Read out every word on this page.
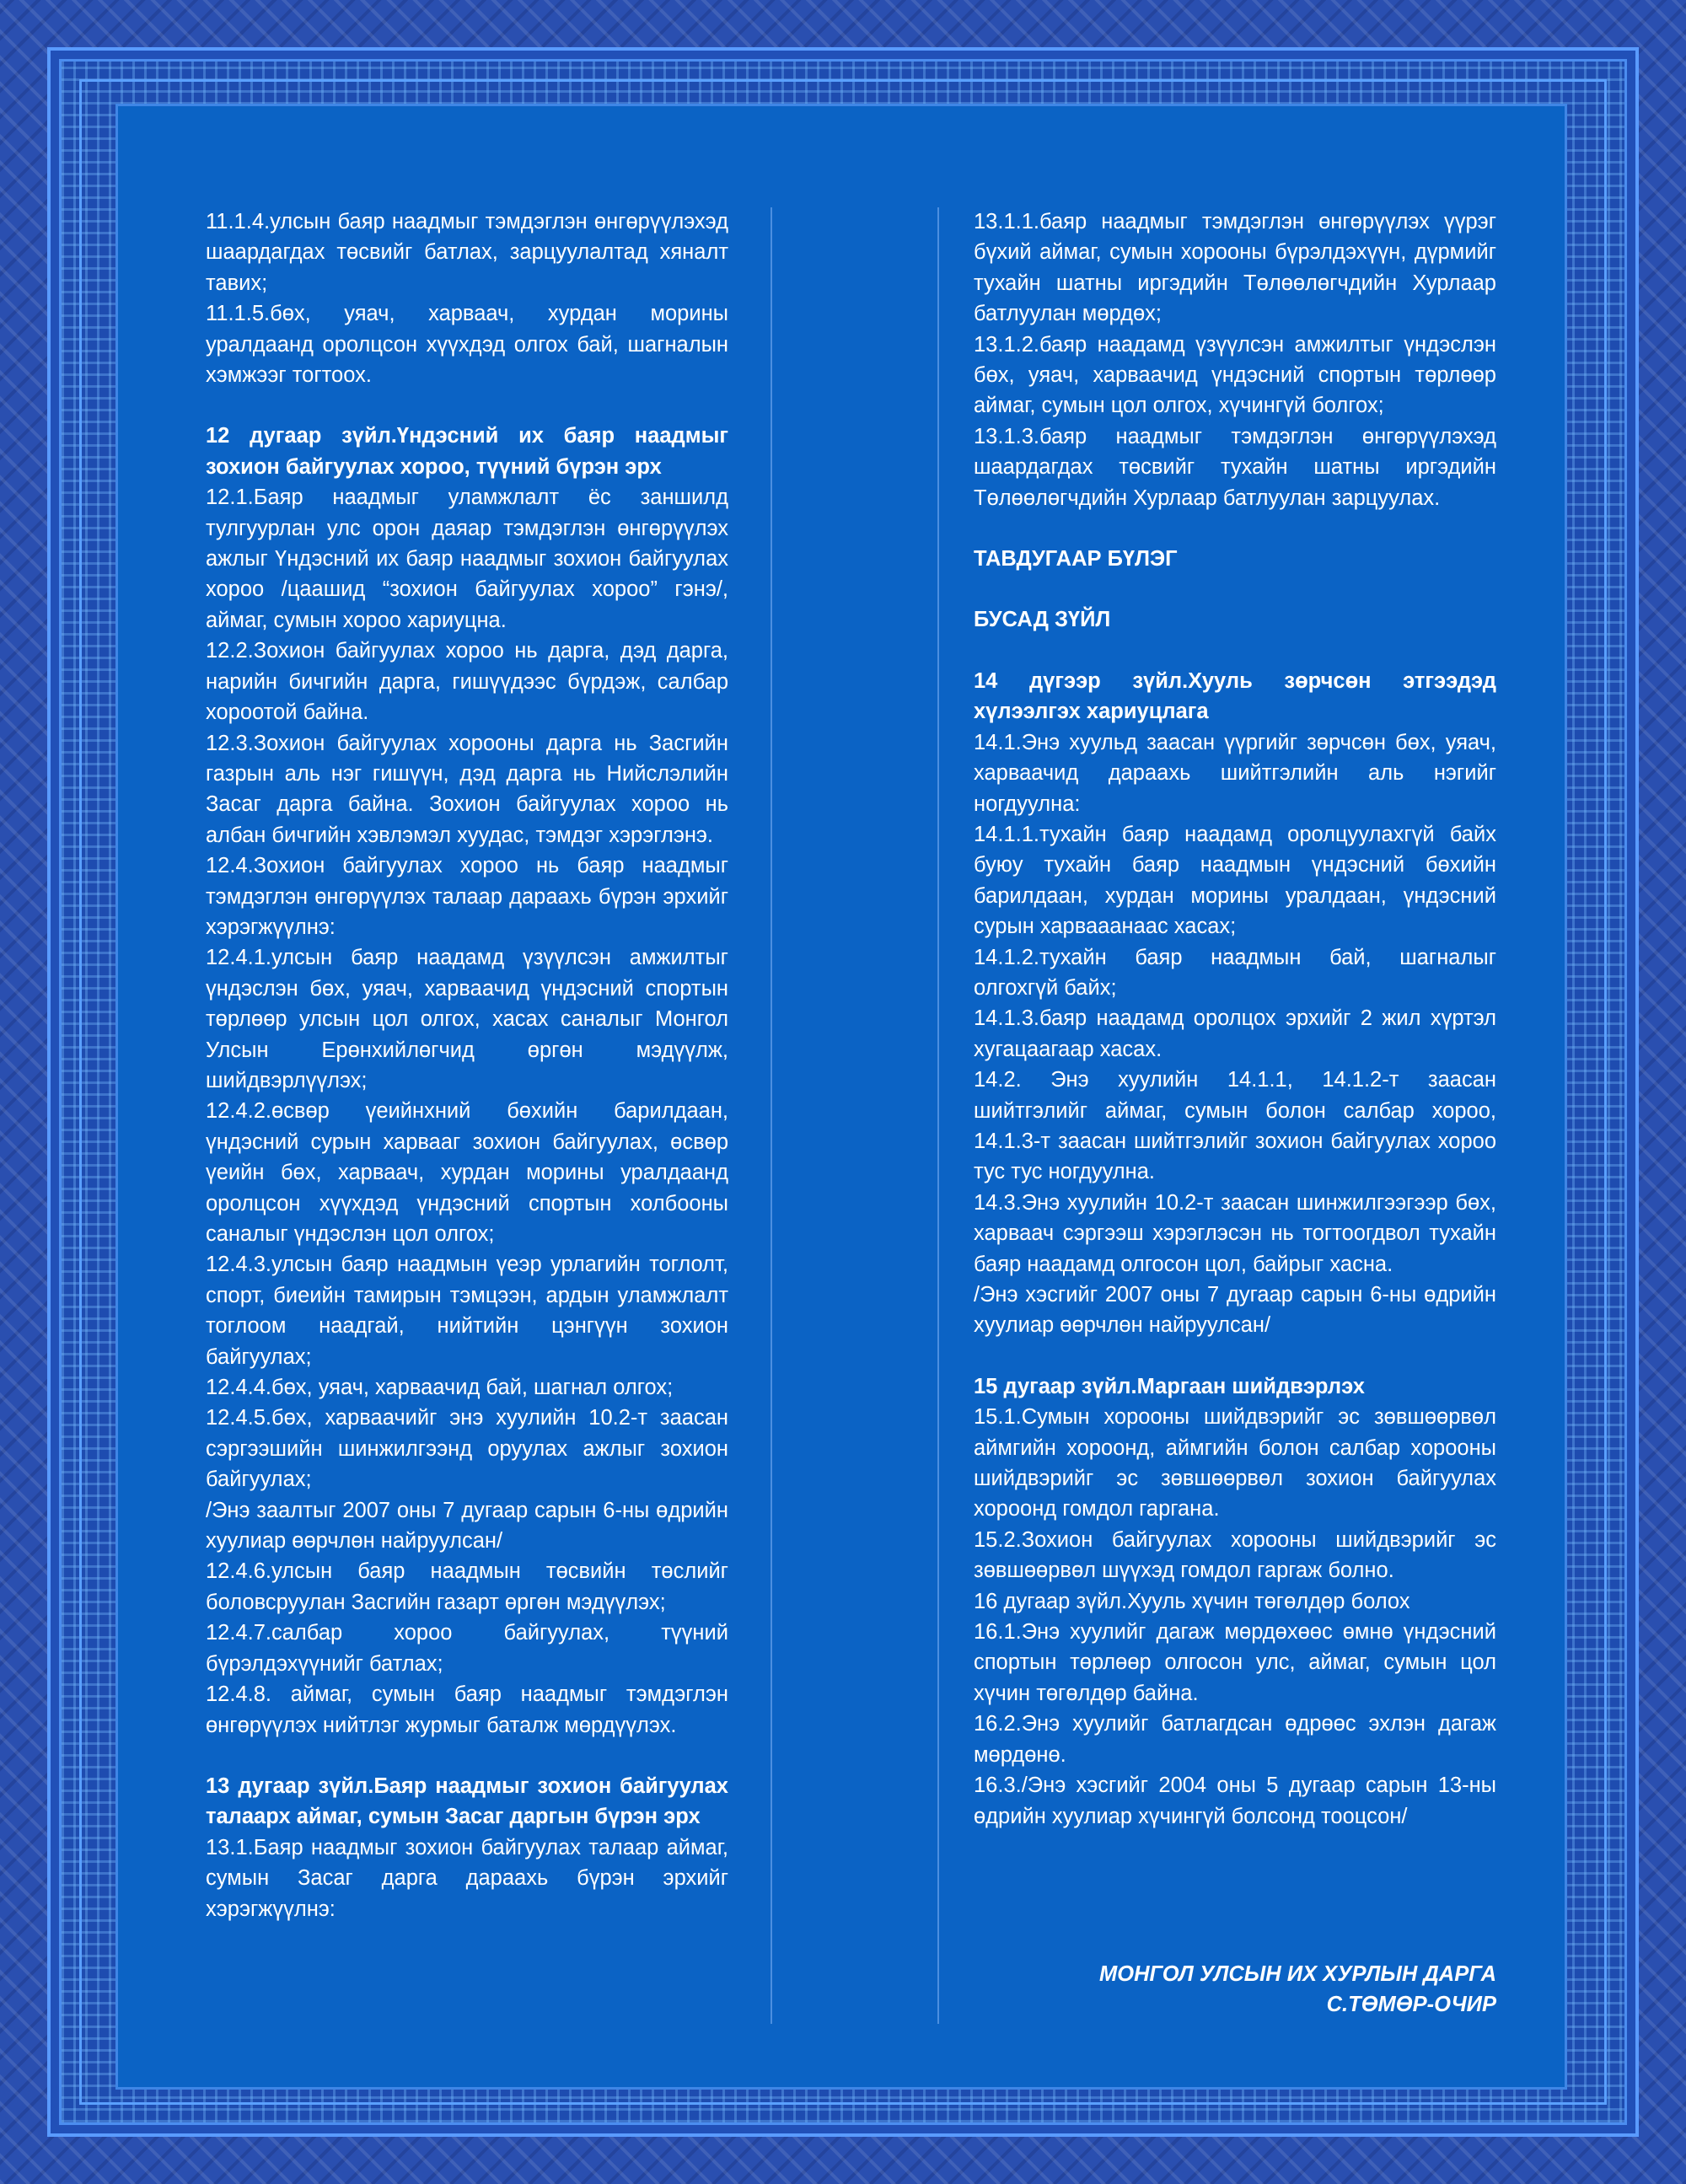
11.1.4.улсын баяр наадмыг тэмдэглэн өнгөрүүлэхэд шаардагдах төсвийг батлах, зарцуулалтад хяналт тавих;

11.1.5.бөх, уяач, харваач, хурдан морины уралдаанд оролцсон хүүхдэд олгох бай, шагналын хэмжээг тогтоох.

12 дугаар зүйл.Үндэсний их баяр наадмыг зохион байгуулах хороо, түүний бүрэн эрх

12.1.Баяр наадмыг уламжлалт ёс заншилд тулгуурлан улс орон даяар тэмдэглэн өнгөрүүлэх ажлыг Үндэсний их баяр наадмыг зохион байгуулах хороо /цаашид “зохион байгуулах хороо” гэнэ/, аймаг, сумын хороо хариуцна.

12.2.Зохион байгуулах хороо нь дарга, дэд дарга, нарийн бичгийн дарга, гишүүдээс бүрдэж, салбар хороотой байна.

12.3.Зохион байгуулах хорооны дарга нь Засгийн газрын аль нэг гишүүн, дэд дарга нь Нийслэлийн Засаг дарга байна. Зохион байгуулах хороо нь албан бичгийн хэвлэмэл хуудас, тэмдэг хэрэглэнэ.

12.4.Зохион байгуулах хороо нь баяр наадмыг тэмдэглэн өнгөрүүлэх талаар дараахь бүрэн эрхийг хэрэгжүүлнэ:

12.4.1.улсын баяр наадамд үзүүлсэн амжилтыг үндэслэн бөх, уяач, харваачид үндэсний спортын төрлөөр улсын цол олгох, хасах саналыг Монгол Улсын Ерөнхийлөгчид өргөн мэдүүлж, шийдвэрлүүлэх;

12.4.2.өсвөр үеийнхний бөхийн барилдаан, үндэсний сурын харвааг зохион байгуулах, өсвөр үеийн бөх, харваач, хурдан морины уралдаанд оролцсон хүүхдэд үндэсний спортын холбооны саналыг үндэслэн цол олгох;

12.4.3.улсын баяр наадмын үеэр урлагийн тоглолт, спорт, биеийн тамирын тэмцээн, ардын уламжлалт тоглоом наадгай, нийтийн цэнгүүн зохион байгуулах;

12.4.4.бөх, уяач, харваачид бай, шагнал олгох;

12.4.5.бөх, харваачийг энэ хуулийн 10.2-т заасан сэргээшийн шинжилгээнд оруулах ажлыг зохион байгуулах;

/Энэ заалтыг 2007 оны 7 дугаар сарын 6-ны өдрийн хуулиар өөрчлөн найруулсан/

12.4.6.улсын баяр наадмын төсвийн төслийг боловсруулан Засгийн газарт өргөн мэдүүлэх;

12.4.7.салбар хороо байгуулах, түүний бүрэлдэхүүнийг батлах;

12.4.8. аймаг, сумын баяр наадмыг тэмдэглэн өнгөрүүлэх нийтлэг журмыг баталж мөрдүүлэх.

13 дугаар зүйл.Баяр наадмыг зохион байгуулах талаарх аймаг, сумын Засаг даргын бүрэн эрх

13.1.Баяр наадмыг зохион байгуулах талаар аймаг, сумын Засаг дарга дараахь бүрэн эрхийг хэрэгжүүлнэ:

13.1.1.баяр наадмыг тэмдэглэн өнгөрүүлэх үүрэг бүхий аймаг, сумын хорооны бүрэлдэхүүн, дүрмийг тухайн шатны иргэдийн Төлөөлөгчдийн Хурлаар батлуулан мөрдөх;

13.1.2.баяр наадамд үзүүлсэн амжилтыг үндэслэн бөх, уяач, харваачид үндэсний спортын төрлөөр аймаг, сумын цол олгох, хүчингүй болгох;

13.1.3.баяр наадмыг тэмдэглэн өнгөрүүлэхэд шаардагдах төсвийг тухайн шатны иргэдийн Төлөөлөгчдийн Хурлаар батлуулан зарцуулах.

ТАВДУГААР БҮЛЭГ

БУСАД ЗҮЙЛ

14 дүгээр зүйл.Хууль зөрчсөн этгээдэд хүлээлгэх хариуцлага

14.1.Энэ хуульд заасан үүргийг зөрчсөн бөх, уяач, харваачид дараахь шийтгэлийн аль нэгийг ногдуулна:

14.1.1.тухайн баяр наадамд оролцуулахгүй байх буюу тухайн баяр наадмын үндэсний бөхийн барилдаан, хурдан морины уралдаан, үндэсний сурын харвааанаас хасах;

14.1.2.тухайн баяр наадмын бай, шагналыг олгохгүй байх;

14.1.3.баяр наадамд оролцох эрхийг 2 жил хүртэл хугацаагаар хасах.

14.2. Энэ хуулийн 14.1.1, 14.1.2-т заасан шийтгэлийг аймаг, сумын болон салбар хороо, 14.1.3-т заасан шийтгэлийг зохион байгуулах хороо тус тус ногдуулна.

14.3.Энэ хуулийн 10.2-т заасан шинжилгээгээр бөх, харваач сэргээш хэрэглэсэн нь тогтоогдвол тухайн баяр наадамд олгосон цол, байрыг хасна.

/Энэ хэсгийг 2007 оны 7 дугаар сарын 6-ны өдрийн хуулиар өөрчлөн найруулсан/

15 дугаар зүйл.Маргаан шийдвэрлэх

15.1.Сумын хорооны шийдвэрийг эс зөвшөөрвөл аймгийн хороонд, аймгийн болон салбар хорооны шийдвэрийг эс зөвшөөрвөл зохион байгуулах хороонд гомдол гаргана.

15.2.Зохион байгуулах хорооны шийдвэрийг эс зөвшөөрвөл шүүхэд гомдол гаргаж болно.

16 дугаар зүйл.Хууль хүчин төгөлдөр болох

16.1.Энэ хуулийг дагаж мөрдөхөөс өмнө үндэсний спортын төрлөөр олгосон улс, аймаг, сумын цол хүчин төгөлдөр байна.

16.2.Энэ хуулийг батлагдсан өдрөөс эхлэн дагаж мөрдөнө.

16.3./Энэ хэсгийг 2004 оны 5 дугаар сарын 13-ны өдрийн хуулиар хүчингүй болсонд тооцсон/

МОНГОЛ УЛСЫН ИХ ХУРЛЫН ДАРГА
С.ТӨМӨР-ОЧИР
